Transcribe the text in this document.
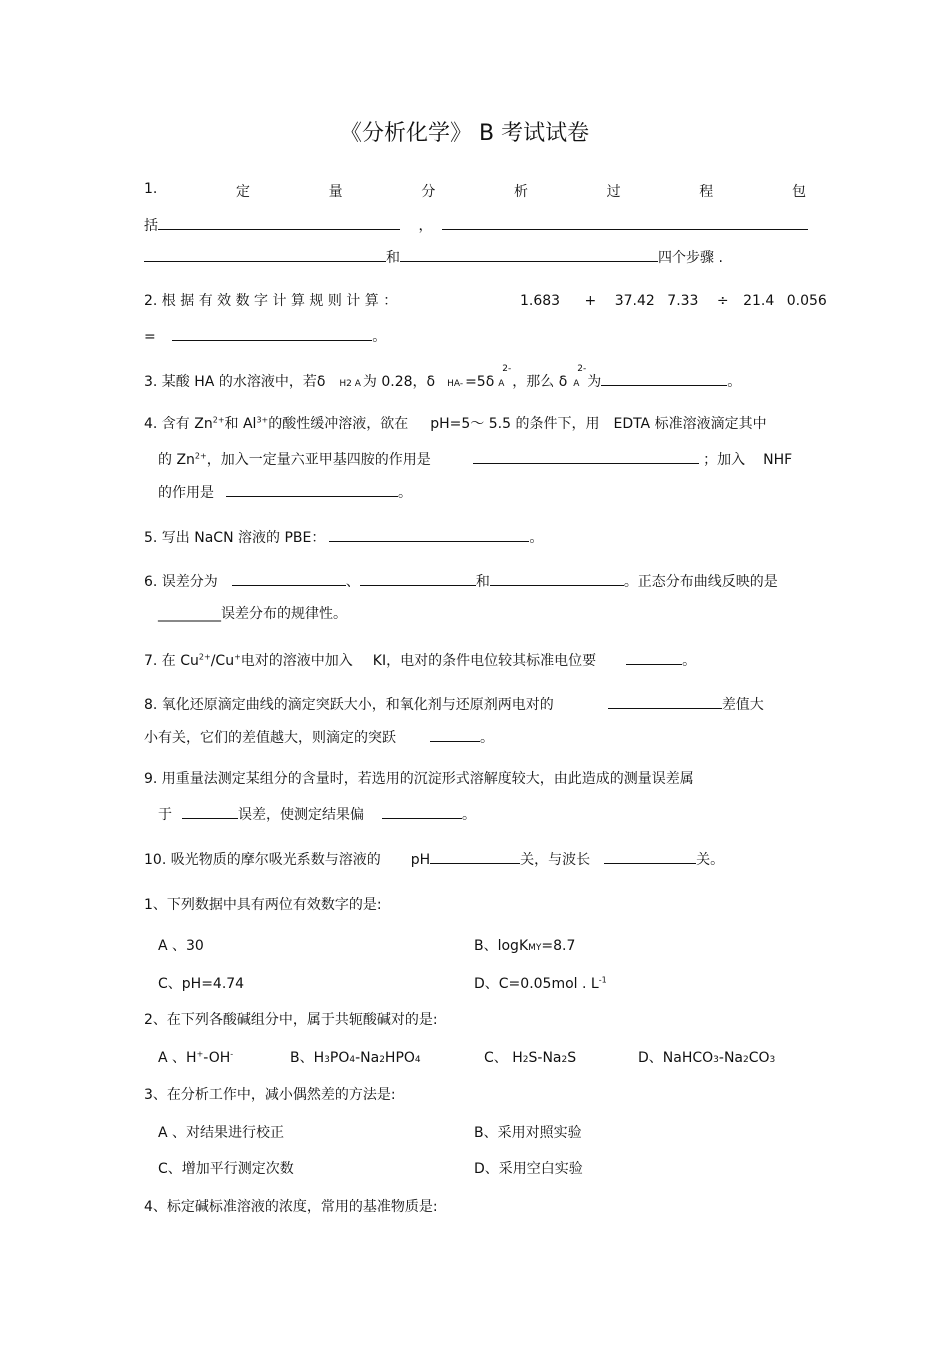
《分析化学》 B 考试试卷
1.	定	量	分	析	过	程	包
括	，
和	四个步骤 .
2. 根 据 有 效 数 字 计 算 规 则 计 算 ：	1.683 + 37.42 7.33 ÷ 21.4 0.056
=	。
3. 某酸 HA 的水溶液中，若δ H2 A 为 0.28，δ HA- =5δ
2-
A ，那么 δ
2-
A 为	。
4. 含有 $Zn^{2+}$和 $Al^{3+}$的酸性缓冲溶液，欲在 pH=5～ 5.5 的条件下，用 EDTA 标准溶液滴定其中
的 $Zn^{2+}$，加入一定量六亚甲基四胺的作用是	；加入 NHF
的作用是	。
5. 写出 NaCN 溶液的 PBE：	。
6. 误差分为	、	和	。正态分布曲线反映的是
_________误差分布的规律性。
7. 在 $Cu^{2+}/Cu^+$电对的溶液中加入 KI，电对的条件电位较其标准电位要	。
8. 氧化还原滴定曲线的滴定突跃大小，和氧化剂与还原剂两电对的	差值大
小有关，它们的差值越大，则滴定的突跃	。
9. 用重量法测定某组分的含量时，若选用的沉淀形式溶解度较大，由此造成的测量误差属
于	误差，使测定结果偏	。
10. 吸光物质的摩尔吸光系数与溶液的 pH	关，与波长	关。
1、下列数据中具有两位有效数字的是:
A 、30	B、logKMY=8.7
C、pH=4.74	D、C=0.05mol . $L^{-1}$
2、在下列各酸碱组分中，属于共轭酸碱对的是:
A 、H+-OH-	B、H3PO4-Na2HPO4	C、 H2S-Na2S	D、NaHCO3-Na2CO3
3、在分析工作中，减小偶然差的方法是:
A 、对结果进行校正	B、采用对照实验
C、增加平行测定次数	D、采用空白实验
4、标定碱标准溶液的浓度，常用的基准物质是:
